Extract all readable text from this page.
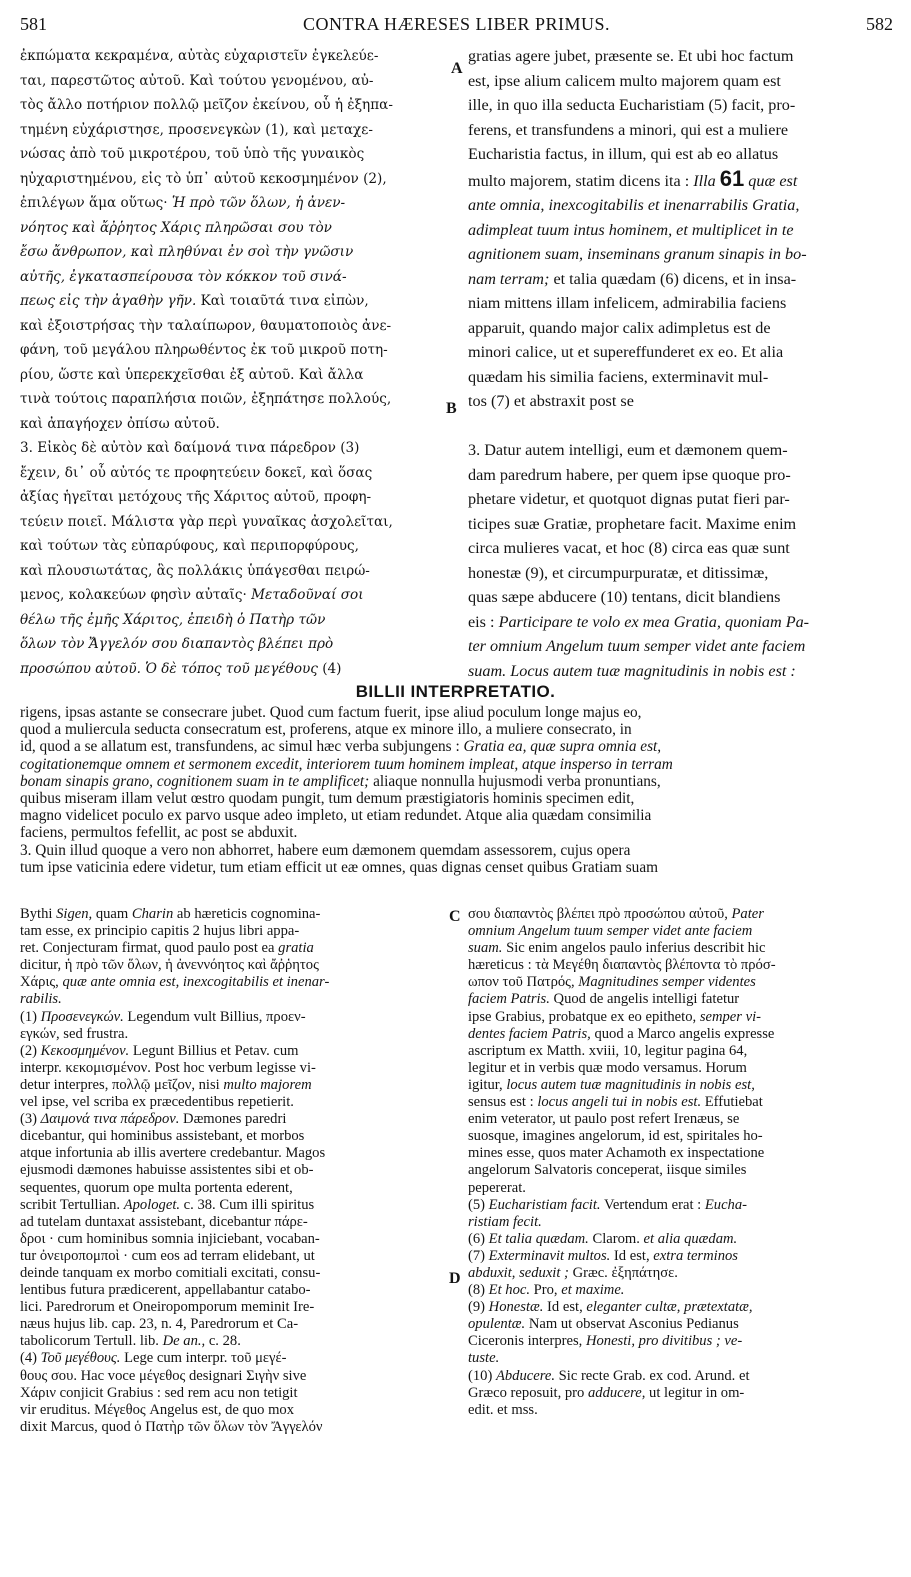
581	CONTRA HÆRESES LIBER PRIMUS.	582
ἐκπώματα κεκραμένα, αὐτὰς εὐχαριστεῖν ἐγκελεύε-
ται, παρεστῶτος αὐτοῦ. Καὶ τούτου γενομένου, αὐ-
τὸς ἄλλο ποτήριον πολλῷ μεῖζον ἐκείνου, οὗ ἡ ἐξηπα-
τημένη εὐχάριστησε, προσενεγκὼν (1), καὶ μεταχε-
νώσας ἀπὸ τοῦ μικροτέρου, τοῦ ὑπὸ τῆς γυναικὸς
ηὐχαριστημένου, εἰς τὸ ὑπ᾽ αὐτοῦ κεκοσμημένον (2),
ἐπιλέγων ἅμα οὕτως· Ἡ πρὸ τῶν ὅλων, ἡ ἀνεν-
νόητος καὶ ἄῤῥητος Χάρις πληρῶσαι σου τὸν
ἔσω ἄνθρωπον, καὶ πληθύναι ἐν σοὶ τὴν γνῶσιν
αὐτῆς, ἐγκατασπείρουσα τὸν κόκκον τοῦ σινά-
πεως εἰς τὴν ἀγαθὴν γῆν. Καὶ τοιαῦτά τινα εἰπὼν,
καὶ ἐξοιστρήσας τὴν ταλαίπωρον, θαυματοποιὸς ἀνε-
φάνη, τοῦ μεγάλου πληρωθέντος ἐκ τοῦ μικροῦ ποτη-
ρίου, ὥστε καὶ ὑπερεκχεῖσθαι ἐξ αὐτοῦ. Καὶ ἄλλα
τινὰ τούτοις παραπλήσια ποιῶν, ἐξηπάτησε πολλούς,
καὶ ἀπαγήοχεν ὀπίσω αὐτοῦ.
3. Εἰκὸς δὲ αὐτὸν καὶ δαίμονά τινα πάρεδρον (3)
ἔχειν, δι᾽ οὗ αὐτός τε προφητεύειν δοκεῖ, καὶ ὅσας
ἀξίας ἡγεῖται μετόχους τῆς Χάριτος αὐτοῦ, προφη-
τεύειν ποιεῖ. Μάλιστα γὰρ περὶ γυναῖκας ἀσχολεῖται,
καὶ τούτων τὰς εὐπαρύφους, καὶ περιπορφύρους,
καὶ πλουσιωτάτας, ἃς πολλάκις ὑπάγεσθαι πειρώ-
μενος, κολακεύων φησὶν αὐταῖς· Μεταδοῦναί σοι
θέλω τῆς ἐμῆς Χάριτος, ἐπειδὴ ὁ Πατὴρ τῶν
ὅλων τὸν Ἄγγελόν σου διαπαντὸς βλέπει πρὸ
προσώπου αὐτοῦ. Ὁ δὲ τόπος τοῦ μεγέθους (4)
gratias agere jubet, præsente se. Et ubi hoc factum
est, ipse alium calicem multo majorem quam est
ille, in quo illa seducta Eucharistiam (5) facit, pro-
ferens, et transfundens a minori, qui est a muliere
Eucharistia factus, in illum, qui est ab eo allatus
multo majorem, statim dicens ita : Illa 61 quæ est
ante omnia, inexcogitabilis et inenarrabilis Gratia,
adimpleat tuum intus hominem, et multiplicet in te
agnitionem suam, inseminans granum sinapis in bo-
nam terram; et talia quædam (6) dicens, et in insa-
niam mittens illam infelicem, admirabilia faciens
apparuit, quando major calix adimpletus est de
minori calice, ut et supereffunderet ex eo. Et alia
quædam his similia faciens, exterminavit mul-
tos (7) et abstraxit post se

3. Datur autem intelligi, eum et dæmonem quem-
dam paredrum habere, per quem ipse quoque pro-
phetare videtur, et quotquot dignas putat fieri par-
ticipes suæ Gratiæ, prophetare facit. Maxime enim
circa mulieres vacat, et hoc (8) circa eas quæ sunt
honestæ (9), et circumpurpuratæ, et ditissimæ,
quas sæpe abducere (10) tentans, dicit blandiens
eis : Participare te volo ex mea Gratia, quoniam Pa-
ter omnium Angelum tuum semper videt ante faciem
suam. Locus autem tuæ magnitudinis in nobis est :
A
B
BILLII INTERPRETATIO.
rigens, ipsas astante se consecrare jubet. Quod cum factum fuerit, ipse aliud poculum longe majus eo,
quod a muliercula seducta consecratum est, proferens, atque ex minore illo, a muliere consecrato, in
id, quod a se allatum est, transfundens, ac simul hæc verba subjungens : Gratia ea, quæ supra omnia est,
cogitationemque omnem et sermonem excedit, interiorem tuum hominem impleat, atque insperso in terram
bonam sinapis grano, cognitionem suam in te amplificet; aliaque nonnulla hujusmodi verba pronuntians,
quibus miseram illam velut œstro quodam pungit, tum demum præstigiatoris hominis specimen edit,
magno videlicet poculo ex parvo usque adeo impleto, ut etiam redundet. Atque alia quædam consimilia
faciens, permultos fefellit, ac post se abduxit.
3. Quin illud quoque a vero non abhorret, habere eum dæmonem quemdam assessorem, cujus opera
tum ipse vaticinia edere videtur, tum etiam efficit ut eæ omnes, quas dignas censet quibus Gratiam suam
Bythi Sigen, quam Charin ab hæreticis cognomina-
tam esse, ex principio capitis 2 hujus libri appa-
ret. Conjecturam firmat, quod paulo post ea gratia
dicitur, ἡ πρὸ τῶν ὅλων, ἡ ἀνεννόητος καὶ ἄῤῥητος
Χάρις, quæ ante omnia est, inexcogitabilis et inenar-
rabilis.
(1) Προσενεγκών. Legendum vult Billius, προεν-
εγκών, sed frustra.
(2) Κεκοσμημένον. Legunt Billius et Petav. cum
interpr. κεκομισμένον. Post hoc verbum legisse vi-
detur interpres, πολλῷ μεῖζον, nisi multo majorem
vel ipse, vel scriba ex præcedentibus repetierit.
(3) Δαιμονά τινα πάρεδρον. Dæmones paredri
dicebantur, qui hominibus assistebant, et morbos
atque infortunia ab illis avertere credebantur. Magos
ejusmodi dæmones habuisse assistentes sibi et ob-
sequentes, quorum ope multa portenta ederent,
scribit Tertullian. Apologet. c. 38. Cum illi spiritus
ad tutelam duntaxat assistebant, dicebantur πάρε-
δροι · cum hominibus somnia injiciebant, vocaban-
tur ὀνειροπομποὶ · cum eos ad terram elidebant, ut
deinde tanquam ex morbo comitiali excitati, consu-
lentibus futura prædicerent, appellabantur catabo-
lici. Paredrorum et Oneiropomporum meminit Ire-
næus hujus lib. cap. 23, n. 4, Paredrorum et Ca-
tabolicorum Tertull. lib. De an., c. 28.
(4) Τοῦ μεγέθους. Lege cum interpr. τοῦ μεγέ-
θους σου. Hac voce μέγεθος designari Σιγὴν sive
Χάριν conjicit Grabius : sed rem acu non tetigit
vir eruditus. Μέγεθος Angelus est, de quo mox
dixit Marcus, quod ὁ Πατὴρ τῶν ὅλων τὸν Ἄγγελόν
σου διαπαντὸς βλέπει πρὸ προσώπου αὐτοῦ, Pater
omnium Angelum tuum semper videt ante faciem
suam. Sic enim angelos paulo inferius describit hic
hæreticus : τὰ Μεγέθη διαπαντὸς βλέποντα τὸ πρόσ-
ωπον τοῦ Πατρός, Magnitudines semper videntes
faciem Patris. Quod de angelis intelligi fatetur
ipse Grabius, probatque ex eo epitheto, semper vi-
dentes faciem Patris, quod a Marco angelis expresse
ascriptum ex Matth. xviii, 10, legitur pagina 64,
legitur et in verbis quæ modo versamus. Horum
igitur, locus autem tuæ magnitudinis in nobis est,
sensus est : locus angeli tui in nobis est. Effutiebat
enim veterator, ut paulo post refert Irenæus, se
suosque, imagines angelorum, id est, spiritales ho-
mines esse, quos mater Achamoth ex inspectatione
angelorum Salvatoris conceperat, iisque similes
pepererat.
(5) Eucharistiam facit. Vertendum erat : Eucha-
ristiam fecit.
(6) Et talia quædam. Clarom. et alia quædam.
(7) Exterminavit multos. Id est, extra terminos
abduxit, seduxit ; Græc. ἐξηπάτησε.
(8) Et hoc. Pro, et maxime.
(9) Honestæ. Id est, eleganter cultæ, prætextatæ,
opulentæ. Nam ut observat Asconius Pedianus
Ciceronis interpres, Honesti, pro divitibus ; ve-
tuste.
(10) Abducere. Sic recte Grab. ex cod. Arund. et
Græco reposuit, pro adducere, ut legitur in om-
edit. et mss.
C
D
